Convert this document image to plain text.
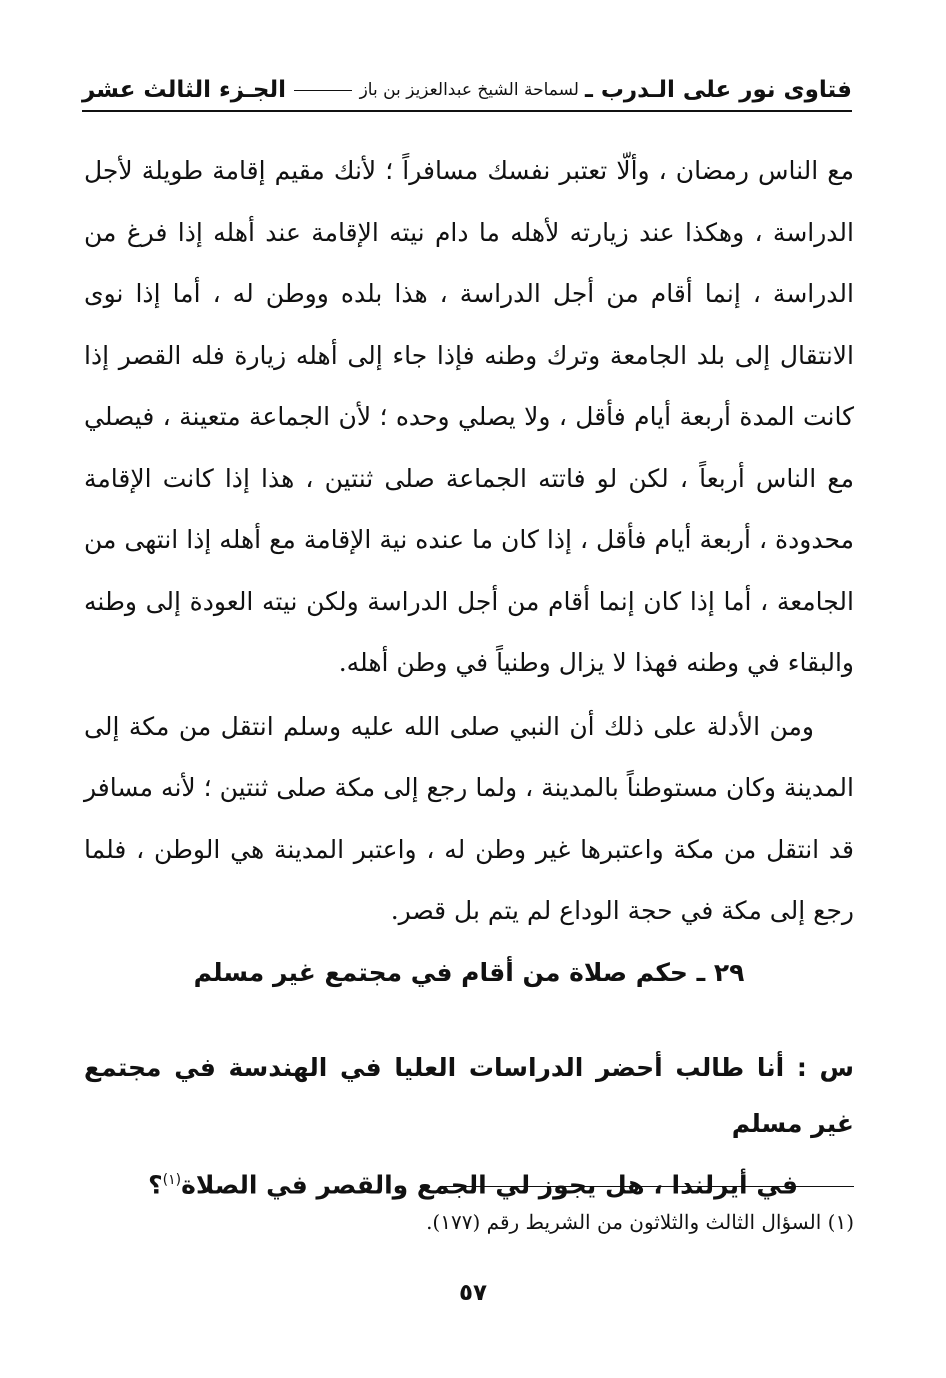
فتاوى نور على الـدرب ـ
لسماحة الشيخ عبدالعزيز بن باز
الجـزء الثالث عشر

مع الناس رمضان ، وألّا تعتبر نفسك مسافراً ؛ لأنك مقيم إقامة طويلة لأجل الدراسة ، وهكذا عند زيارته لأهله ما دام نيته الإقامة عند أهله إذا فرغ من الدراسة ، إنما أقام من أجل الدراسة ، هذا بلده ووطن له ، أما إذا نوى الانتقال إلى بلد الجامعة وترك وطنه فإذا جاء إلى أهله زيارة فله القصر إذا كانت المدة أربعة أيام فأقل ، ولا يصلي وحده ؛ لأن الجماعة متعينة ، فيصلي مع الناس أربعاً ، لكن لو فاتته الجماعة صلى ثنتين ، هذا إذا كانت الإقامة محدودة ، أربعة أيام فأقل ، إذا كان ما عنده نية الإقامة مع أهله إذا انتهى من الجامعة ، أما إذا كان إنما أقام من أجل الدراسة ولكن نيته العودة إلى وطنه والبقاء في وطنه فهذا لا يزال وطنياً في وطن أهله.

ومن الأدلة على ذلك أن النبي صلى الله عليه وسلم انتقل من مكة إلى المدينة وكان مستوطناً بالمدينة ، ولما رجع إلى مكة صلى ثنتين ؛ لأنه مسافر قد انتقل من مكة واعتبرها غير وطن له ، واعتبر المدينة هي الوطن ، فلما رجع إلى مكة في حجة الوداع لم يتم بل قصر.

٢٩ ـ حكم صلاة من أقام في مجتمع غير مسلم
س : أنا طالب أحضر الدراسات العليا في الهندسة في مجتمع غير مسلم
في أيرلندا ، هل يجوز لي الجمع والقصر في الصلاة$^{(١)}$؟
(١) السؤال الثالث والثلاثون من الشريط رقم (١٧٧).
٥٧
